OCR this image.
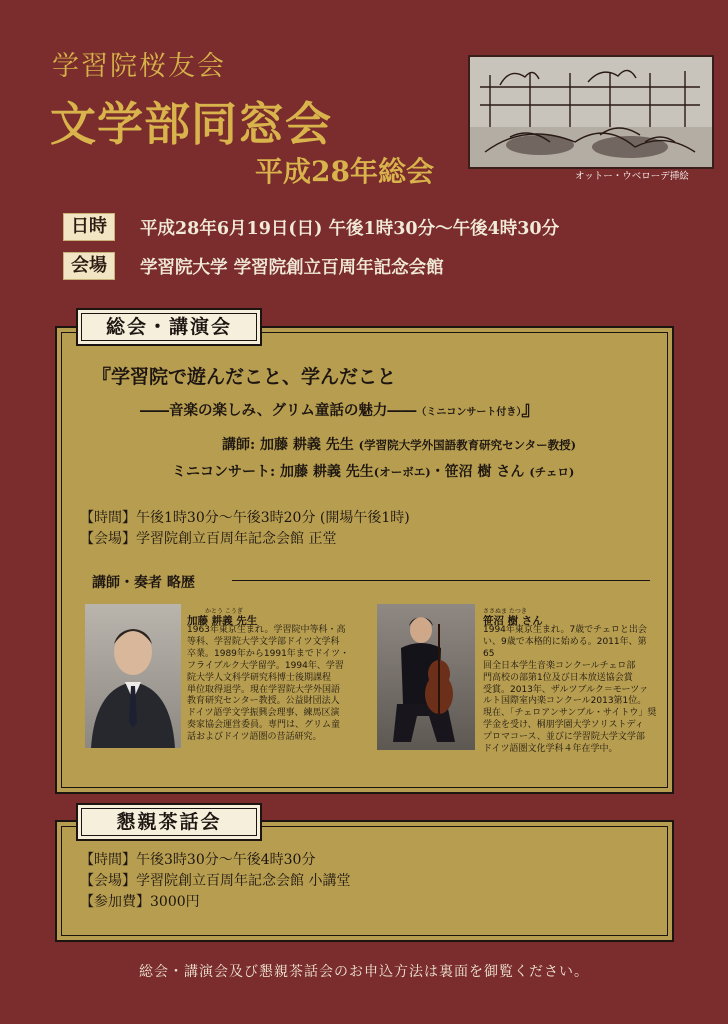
学習院桜友会
文学部同窓会
平成28年総会	オットー・ウベローデ挿絵
日時	平成28年6月19日(日) 午後1時30分～午後4時30分
会場	学習院大学 学習院創立百周年記念会館
総会・講演会
『学習院で遊んだこと、学んだこと
――音楽の楽しみ、グリム童話の魅力――（ミニコンサート付き）』
講師: 加藤 耕義 先生 (学習院大学外国語教育研究センター教授)
ミニコンサート: 加藤 耕義 先生(オーボエ)・笹沼 樹 さん (チェロ)
【時間】午後1時30分～午後3時20分 (開場午後1時)
【会場】学習院創立百周年記念会館 正堂
講師・奏者 略歴
かとう こうぎ
加藤 耕義 先生
1963年東京生まれ。学習院中等科・高
等科、学習院大学文学部ドイツ文学科
卒業。1989年から1991年までドイツ・
フライブルク大学留学。1994年、学習
院大学人文科学研究科博士後期課程
単位取得退学。現在学習院大学外国語
教育研究センター教授。公益財団法人
ドイツ語学文学振興会理事、練馬区演
奏家協会運営委員。専門は、グリム童
話およびドイツ語圏の昔話研究。
ささぬま たつき
笹沼 樹 さん
1994年東京生まれ。7歳でチェロと出会
い、9歳で本格的に始める。2011年、第65
回全日本学生音楽コンクールチェロ部
門高校の部第1位及び日本放送協会賞
受賞。2013年、ザルツブルク＝モーツァ
ルト国際室内楽コンクール2013第1位。
現在、「チェロアンサンブル・サイトウ」奨
学金を受け、桐朋学園大学ソリストディ
プロマコース、並びに学習院大学文学部
ドイツ語圏文化学科４年在学中。
懇親茶話会
【時間】午後3時30分～午後4時30分
【会場】学習院創立百周年記念会館 小講堂
【参加費】3000円
総会・講演会及び懇親茶話会のお申込方法は裏面を御覧ください。
